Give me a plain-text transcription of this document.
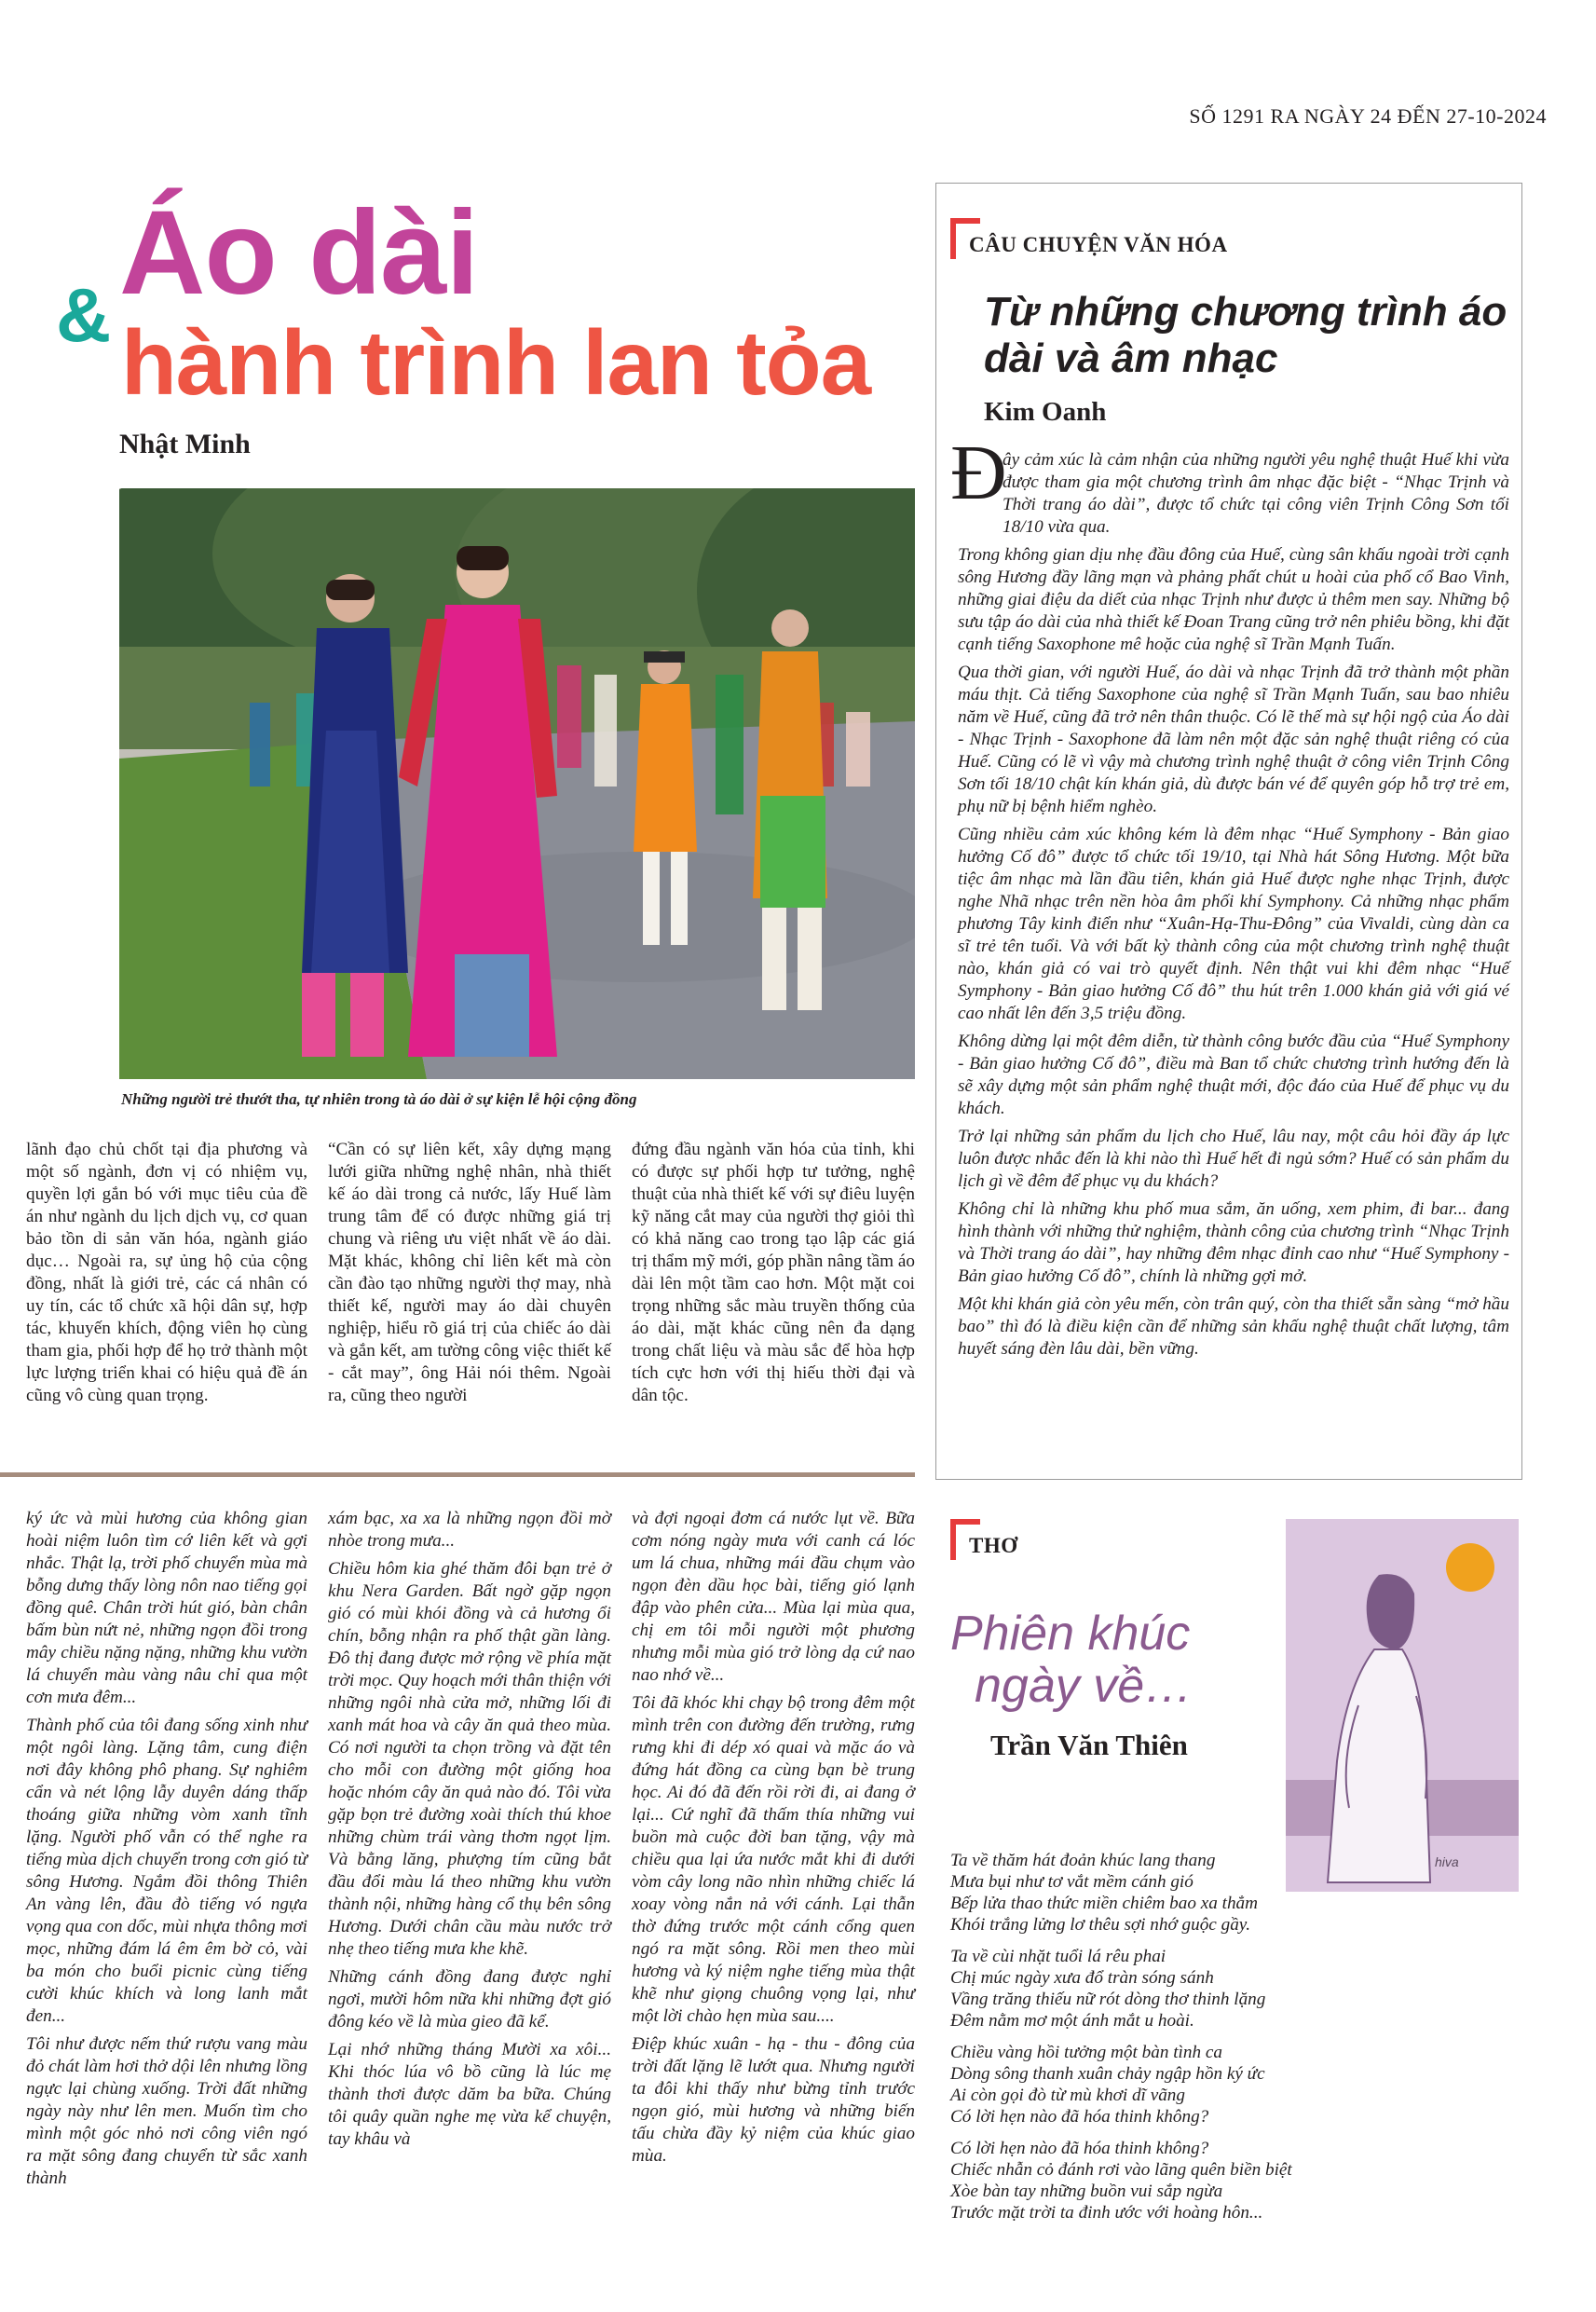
SỐ 1291 RA NGÀY 24 ĐẾN 27-10-2024
Áo dài
& hành trình lan tỏa
Nhật Minh
Những người trẻ thướt tha, tự nhiên trong tà áo dài ở sự kiện lễ hội cộng đồng

lãnh đạo chủ chốt tại địa phương và một số ngành, đơn vị có nhiệm vụ, quyền lợi gắn bó với mục tiêu của đề án như ngành du lịch dịch vụ, cơ quan bảo tồn di sản văn hóa, ngành giáo dục… Ngoài ra, sự ủng hộ của cộng đồng, nhất là giới trẻ, các cá nhân có uy tín, các tổ chức xã hội dân sự, hợp tác, khuyến khích, động viên họ cùng tham gia, phối hợp để họ trở thành một lực lượng triển khai có hiệu quả đề án cũng vô cùng quan trọng.

“Cần có sự liên kết, xây dựng mạng lưới giữa những nghệ nhân, nhà thiết kế áo dài trong cả nước, lấy Huế làm trung tâm để có được những giá trị chung và riêng ưu việt nhất về áo dài. Mặt khác, không chỉ liên kết mà còn cần đào tạo những người thợ may, nhà thiết kế, người may áo dài chuyên nghiệp, hiểu rõ giá trị của chiếc áo dài và gắn kết, am tường công việc thiết kế - cắt may”, ông Hải nói thêm. Ngoài ra, cũng theo người

đứng đầu ngành văn hóa của tỉnh, khi có được sự phối hợp tư tưởng, nghệ thuật của nhà thiết kế với sự điêu luyện kỹ năng cắt may của người thợ giỏi thì có khả năng cao trong tạo lập các giá trị thẩm mỹ mới, góp phần nâng tầm áo dài lên một tầm cao hơn. Một mặt coi trọng những sắc màu truyền thống của áo dài, mặt khác cũng nên đa dạng trong chất liệu và màu sắc để hòa hợp tích cực hơn với thị hiếu thời đại và dân tộc.

ký ức và mùi hương của không gian hoài niệm luôn tìm cớ liên kết và gợi nhắc. Thật lạ, trời phố chuyển mùa mà bỗng dưng thấy lòng nôn nao tiếng gọi đồng quê. Chân trời hút gió, bàn chân bấm bùn nứt nẻ, những ngọn đồi trong mây chiều nặng nặng, những khu vườn lá chuyển màu vàng nâu chỉ qua một cơn mưa đêm...

Thành phố của tôi đang sống xinh như một ngôi làng. Lặng tâm, cung điện nơi đây không phô phang. Sự nghiêm cẩn và nét lộng lẫy duyên dáng thấp thoáng giữa những vòm xanh tĩnh lặng. Người phố vẫn có thể nghe ra tiếng mùa dịch chuyển trong cơn gió từ sông Hương. Ngắm đồi thông Thiên An vàng lên, đầu đò tiếng vó ngựa vọng qua con dốc, mùi nhựa thông mơi mọc, những đám lá êm êm bờ cỏ, vài ba món cho buổi picnic cùng tiếng cười khúc khích và long lanh mắt đen...

Tôi như được nếm thứ rượu vang màu đỏ chát làm hơi thở dội lên nhưng lồng ngực lại chùng xuống. Trời đất những ngày này như lên men. Muốn tìm cho mình một góc nhỏ nơi công viên ngó ra mặt sông đang chuyển từ sắc xanh thành

xám bạc, xa xa là những ngọn đồi mờ nhòe trong mưa...

Chiều hôm kia ghé thăm đôi bạn trẻ ở khu Nera Garden. Bất ngờ gặp ngọn gió có mùi khói đồng và cả hương ổi chín, bỗng nhận ra phố thật gần làng. Đô thị đang được mở rộng về phía mặt trời mọc. Quy hoạch mới thân thiện với những ngôi nhà cửa mở, những lối đi xanh mát hoa và cây ăn quả theo mùa. Có nơi người ta chọn trồng và đặt tên cho mỗi con đường một giống hoa hoặc nhóm cây ăn quả nào đó. Tôi vừa gặp bọn trẻ đường xoài thích thú khoe những chùm trái vàng thơm ngọt lịm. Và bằng lăng, phượng tím cũng bắt đầu đổi màu lá theo những khu vườn thành nội, những hàng cổ thụ bên sông Hương. Dưới chân cầu màu nước trở nhẹ theo tiếng mưa khe khẽ.

Những cánh đồng đang được nghỉ ngơi, mười hôm nữa khi những đợt gió đông kéo về là mùa gieo đã kể.

Lại nhớ những tháng Mười xa xôi... Khi thóc lúa vô bồ cũng là lúc mẹ thành thơi được dăm ba bữa. Chúng tôi quây quần nghe mẹ vừa kể chuyện, tay khâu và

và đợi ngoại đơm cá nước lụt về. Bữa cơm nóng ngày mưa với canh cá lóc um lá chua, những mái đầu chụm vào ngọn đèn dầu học bài, tiếng gió lạnh đập vào phên cửa... Mùa lại mùa qua, chị em tôi mỗi người một phương nhưng mỗi mùa gió trở lòng dạ cứ nao nao nhớ về...

Tôi đã khóc khi chạy bộ trong đêm một mình trên con đường đến trường, rưng rưng khi đi dép xó quai và mặc áo và đứng hát đồng ca cùng bạn bè trung học. Ai đó đã đến rồi rời đi, ai đang ở lại... Cứ nghĩ đã thấm thía những vui buồn mà cuộc đời ban tặng, vậy mà chiều qua lại ứa nước mắt khi đi dưới vòm cây long não nhìn những chiếc lá xoay vòng nắn nả với cánh. Lại thẫn thờ đứng trước một cánh cổng quen ngó ra mặt sông. Rồi men theo mùi hương và ký niệm nghe tiếng mùa thật khẽ như giọng chuông vọng lại, như một lời chào hẹn mùa sau....

Điệp khúc xuân - hạ - thu - đông của trời đất lặng lẽ lướt qua. Nhưng người ta đôi khi thấy như bừng tỉnh trước ngọn gió, mùi hương và những biến tấu chừa đầy kỷ niệm của khúc giao mùa.

CÂU CHUYỆN VĂN HÓA
Từ những chương trình áo dài và âm nhạc
Kim Oanh
Đ

ây cảm xúc là cảm nhận của những người yêu nghệ thuật Huế khi vừa được tham gia một chương trình âm nhạc đặc biệt - “Nhạc Trịnh và Thời trang áo dài”, được tổ chức tại công viên Trịnh Công Sơn tối 18/10 vừa qua.

Trong không gian dịu nhẹ đầu đông của Huế, cùng sân khấu ngoài trời cạnh sông Hương đầy lãng mạn và phảng phất chút u hoài của phố cổ Bao Vinh, những giai điệu da diết của nhạc Trịnh như được ủ thêm men say. Những bộ sưu tập áo dài của nhà thiết kế Đoan Trang cũng trở nên phiêu bồng, khi đặt cạnh tiếng Saxophone mê hoặc của nghệ sĩ Trần Mạnh Tuấn.

Qua thời gian, với người Huế, áo dài và nhạc Trịnh đã trở thành một phần máu thịt. Cả tiếng Saxophone của nghệ sĩ Trần Mạnh Tuấn, sau bao nhiêu năm về Huế, cũng đã trở nên thân thuộc. Có lẽ thế mà sự hội ngộ của Áo dài - Nhạc Trịnh - Saxophone đã làm nên một đặc sản nghệ thuật riêng có của Huế. Cũng có lẽ vì vậy mà chương trình nghệ thuật ở công viên Trịnh Công Sơn tối 18/10 chật kín khán giả, dù được bán vé để quyên góp hỗ trợ trẻ em, phụ nữ bị bệnh hiểm nghèo.

Cũng nhiều cảm xúc không kém là đêm nhạc “Huế Symphony - Bản giao hưởng Cố đô” được tổ chức tối 19/10, tại Nhà hát Sông Hương. Một bữa tiệc âm nhạc mà lần đầu tiên, khán giả Huế được nghe nhạc Trịnh, được nghe Nhã nhạc trên nền hòa âm phối khí Symphony. Cả những nhạc phẩm phương Tây kinh điển như “Xuân-Hạ-Thu-Đông” của Vivaldi, cùng dàn ca sĩ trẻ tên tuổi. Và với bất kỳ thành công của một chương trình nghệ thuật nào, khán giả có vai trò quyết định. Nên thật vui khi đêm nhạc “Huế Symphony - Bản giao hưởng Cố đô” thu hút trên 1.000 khán giả với giá vé cao nhất lên đến 3,5 triệu đồng.

Không dừng lại một đêm diễn, từ thành công bước đầu của “Huế Symphony - Bản giao hưởng Cố đô”, điều mà Ban tổ chức chương trình hướng đến là sẽ xây dựng một sản phẩm nghệ thuật mới, độc đáo của Huế để phục vụ du khách.

Trở lại những sản phẩm du lịch cho Huế, lâu nay, một câu hỏi đầy áp lực luôn được nhắc đến là khi nào thì Huế hết đi ngủ sớm? Huế có sản phẩm du lịch gì về đêm để phục vụ du khách?

Không chỉ là những khu phố mua sắm, ăn uống, xem phim, đi bar... đang hình thành với những thử nghiệm, thành công của chương trình “Nhạc Trịnh và Thời trang áo dài”, hay những đêm nhạc đỉnh cao như “Huế Symphony - Bản giao hưởng Cố đô”, chính là những gợi mở.

Một khi khán giả còn yêu mến, còn trân quý, còn tha thiết sẵn sàng “mở hầu bao” thì đó là điều kiện cần để những sản khấu nghệ thuật chất lượng, tâm huyết sáng đèn lâu dài, bền vững.

THƠ
Phiên khúc
ngày về…
Trần Văn Thiên
hiva
Ta về thăm hát đoản khúc lang thang
Mưa bụi như tơ vắt mềm cánh gió
Bếp lửa thao thức miền chiêm bao xa thẳm
Khói trắng lửng lơ thêu sợi nhớ guộc gầy.
Ta về cùi nhặt tuổi lá rêu phai
Chị múc ngày xưa đổ tràn sóng sánh
Vầng trăng thiếu nữ rót dòng thơ thinh lặng
Đêm nằm mơ một ánh mắt u hoài.
Chiều vàng hồi tưởng một bàn tình ca
Dòng sông thanh xuân chảy ngập hồn ký ức
Ai còn gọi đò từ mù khơi dĩ vãng
Có lời hẹn nào đã hóa thinh không?
Có lời hẹn nào đã hóa thinh không?
Chiếc nhẫn cỏ đánh rơi vào lãng quên biền biệt
Xòe bàn tay những buồn vui sắp ngừa
Trước mặt trời ta đinh ước với hoàng hôn...
